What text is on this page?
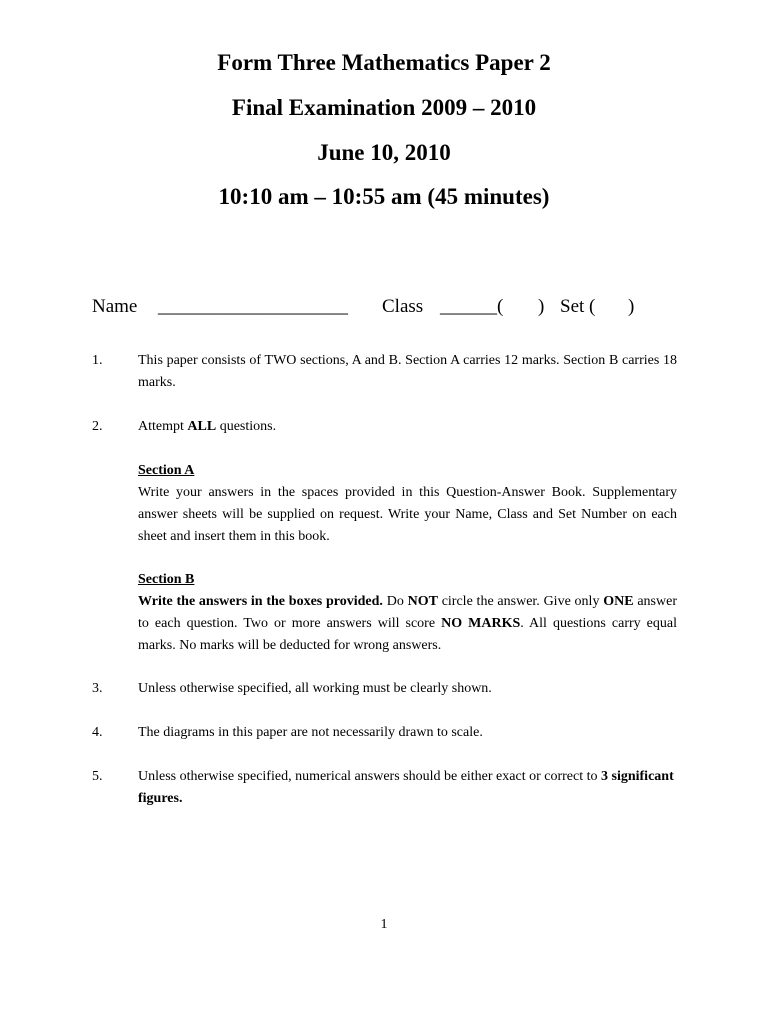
Form Three Mathematics Paper 2
Final Examination 2009 – 2010
June 10, 2010
10:10 am – 10:55 am (45 minutes)
Name ____________________ Class ______( ) Set ( )
1.	This paper consists of TWO sections, A and B. Section A carries 12 marks. Section B carries 18 marks.
2.	Attempt ALL questions.
Section A
Write your answers in the spaces provided in this Question-Answer Book. Supplementary answer sheets will be supplied on request. Write your Name, Class and Set Number on each sheet and insert them in this book.
Section B
Write the answers in the boxes provided. Do NOT circle the answer. Give only ONE answer to each question. Two or more answers will score NO MARKS. All questions carry equal marks. No marks will be deducted for wrong answers.
3.	Unless otherwise specified, all working must be clearly shown.
4.	The diagrams in this paper are not necessarily drawn to scale.
5.	Unless otherwise specified, numerical answers should be either exact or correct to 3 significant figures.
1
